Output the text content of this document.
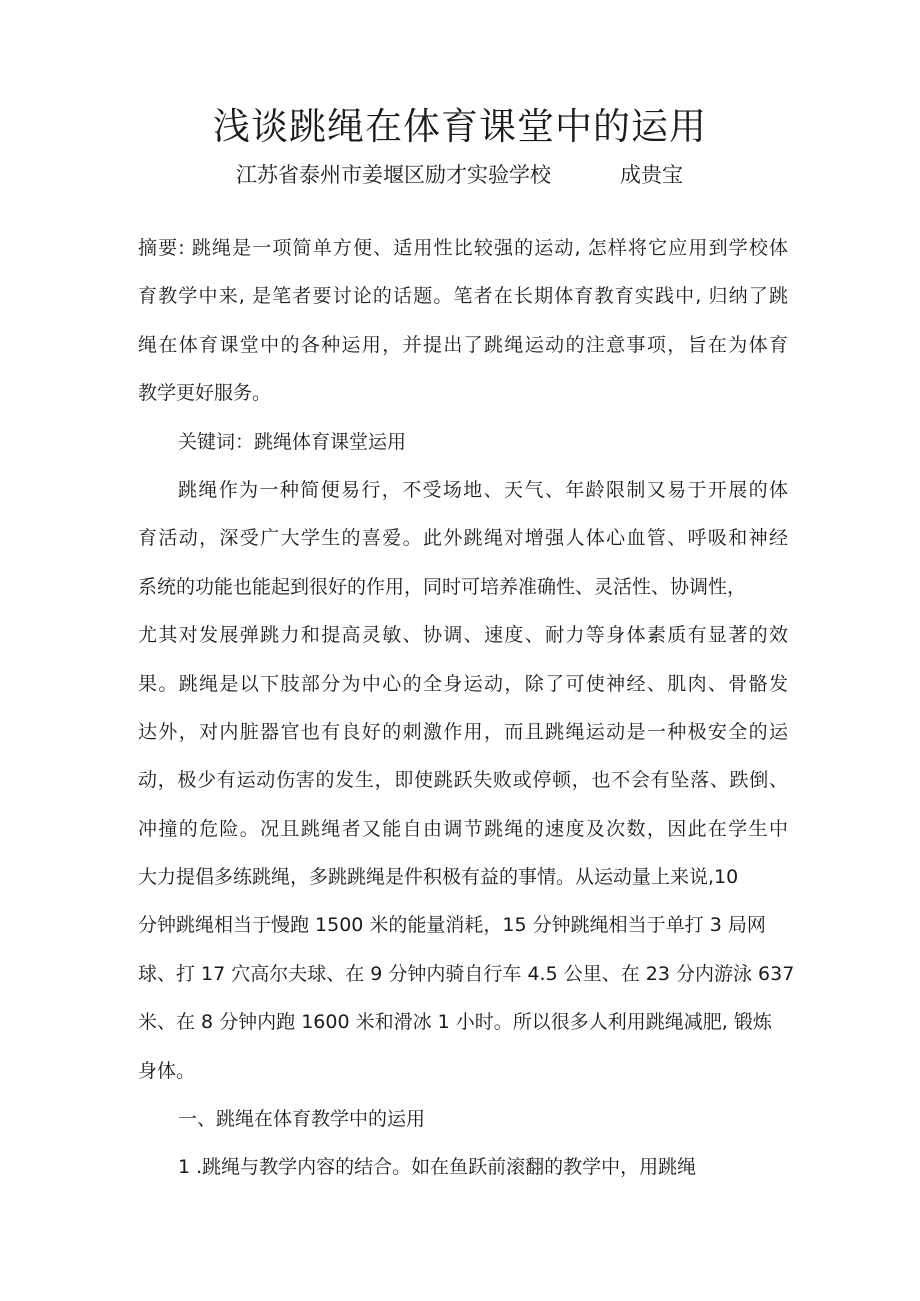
浅谈跳绳在体育课堂中的运用
江苏省泰州市姜堰区励才实验学校	成贵宝
摘要: 跳绳是一项简单方便、适用性比较强的运动, 怎样将它应用到学校体
育教学中来, 是笔者要讨论的话题。笔者在长期体育教育实践中, 归纳了跳
绳在体育课堂中的各种运用，并提出了跳绳运动的注意事项，旨在为体育
教学更好服务。
关键词：跳绳体育课堂运用
跳绳作为一种简便易行，不受场地、天气、年龄限制又易于开展的体
育活动，深受广大学生的喜爱。此外跳绳对增强人体心血管、呼吸和神经
系统的功能也能起到很好的作用，同时可培养准确性、灵活性、协调性，
尤其对发展弹跳力和提高灵敏、协调、速度、耐力等身体素质有显著的效
果。跳绳是以下肢部分为中心的全身运动，除了可使神经、肌肉、骨骼发
达外，对内脏器官也有良好的刺激作用，而且跳绳运动是一种极安全的运
动，极少有运动伤害的发生，即使跳跃失败或停顿，也不会有坠落、跌倒、
冲撞的危险。况且跳绳者又能自由调节跳绳的速度及次数，因此在学生中
大力提倡多练跳绳，多跳跳绳是件积极有益的事情。从运动量上来说,10
分钟跳绳相当于慢跑 1500 米的能量消耗，15 分钟跳绳相当于单打 3 局网
球、打 17 穴高尔夫球、在 9 分钟内骑自行车 4.5 公里、在 23 分内游泳 637
米、在 8 分钟内跑 1600 米和滑冰 1 小时。所以很多人利用跳绳减肥, 锻炼
身体。
一、跳绳在体育教学中的运用
1 .跳绳与教学内容的结合。如在鱼跃前滚翻的教学中，用跳绳
